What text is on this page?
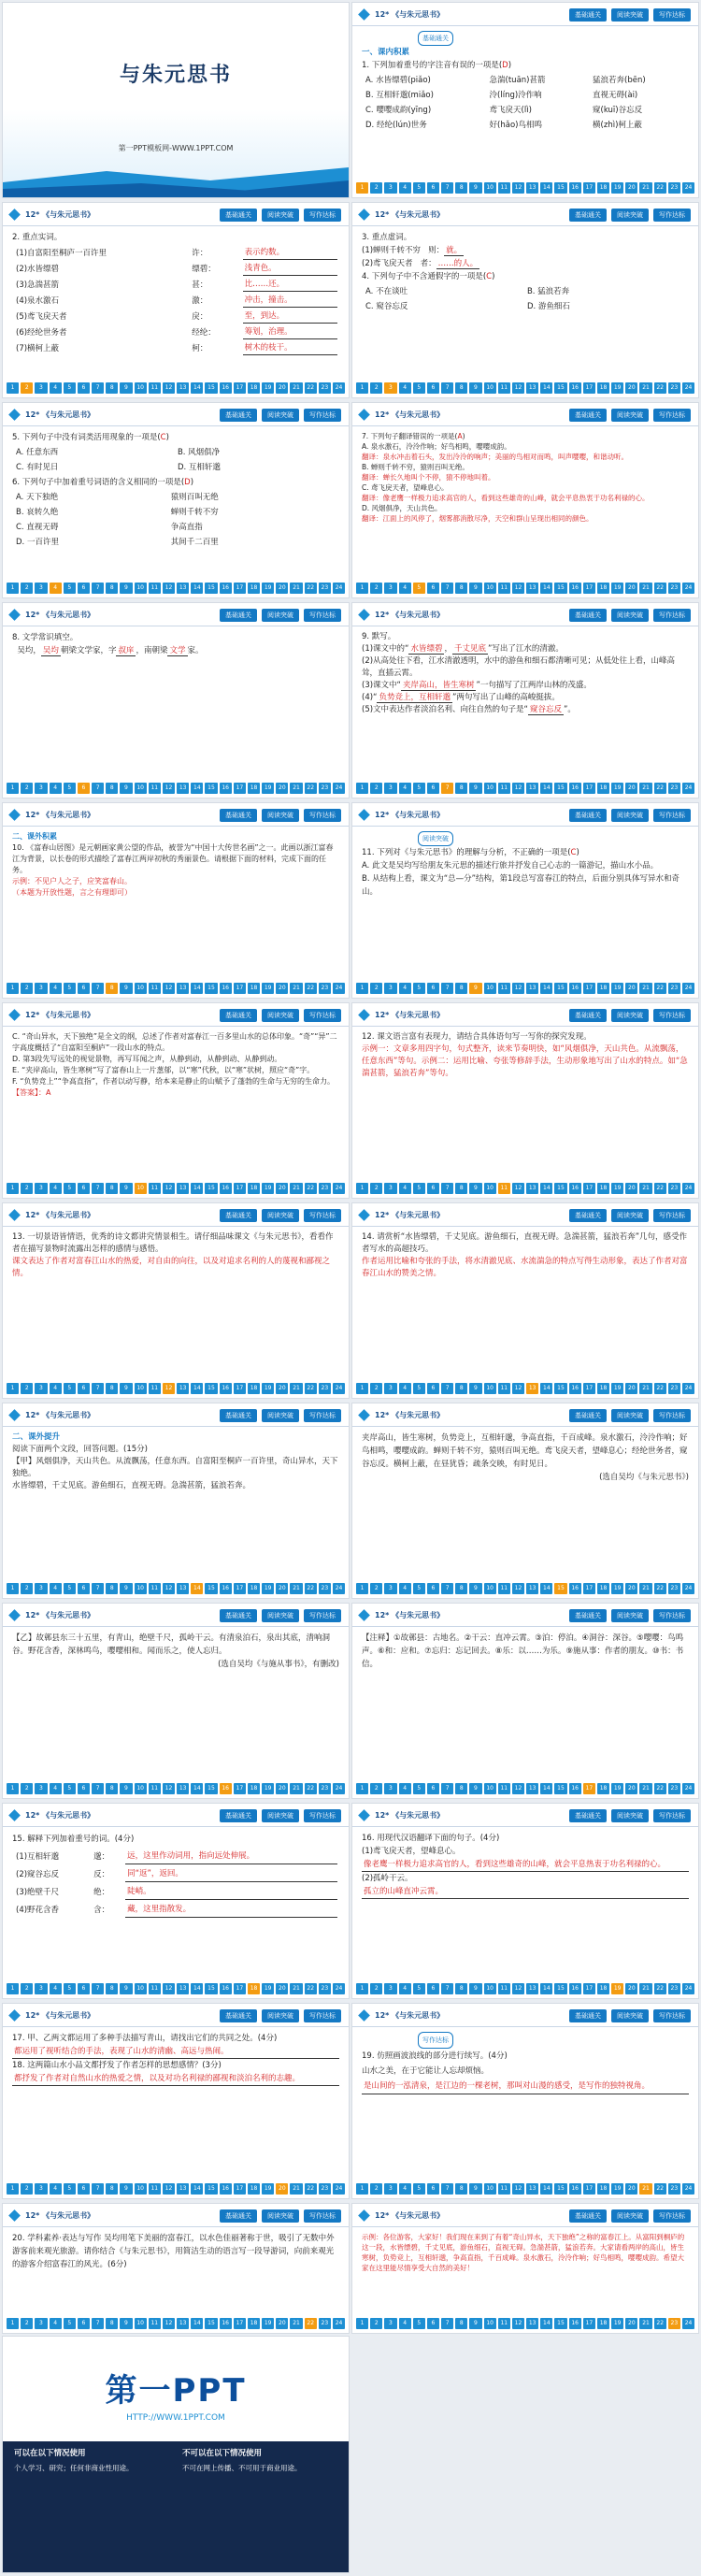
与朱元思书
第一PPT模板网-WWW.1PPT.COM
12* 《与朱元思书》	基础通关	阅读突破	写作达标

基础通关

一、课内积累

1. 下列加着重号的字注音有误的一项是(D)

A. 水皆缥碧(piǎo)	急湍(tuān)甚箭	猛浪若奔(bēn)
B. 互相轩邈(miǎo)	泠(líng)泠作响	直视无碍(ài)
C. 嘤嘤成韵(yīng)	鸢飞戾天(lì)	窥(kuī)谷忘反
D. 经纶(lún)世务	好(hǎo)鸟相鸣	横(zhì)柯上蔽
1	2	3	4	5	6	7	8	9	10	11	12	13	14	15	16	17	18	19	20	21	22	23	24
12* 《与朱元思书》	基础通关	阅读突破	写作达标

2. 重点实词。

(1)自富阳至桐庐一百许里	许：	表示约数。
(2)水皆缥碧	缥碧：	浅青色。
(3)急湍甚箭	甚：	比……还。
(4)泉水激石	激：	冲击，撞击。
(5)鸢飞戾天者	戾：	至，到达。
(6)经纶世务者	经纶：	筹划，治理。
(7)横柯上蔽	柯：	树木的枝干。
1	2	3	4	5	6	7	8	9	10	11	12	13	14	15	16	17	18	19	20	21	22	23	24
12* 《与朱元思书》	基础通关	阅读突破	写作达标

3. 重点虚词。

(1)蝉则千转不穷 则： 就。

(2)鸢飞戾天者 者： ……的人。

4. 下列句子中不含通假字的一项是(C)

A. 不在谈吐	B. 猛浪若奔
C. 窥谷忘反	D. 游鱼细石
1	2	3	4	5	6	7	8	9	10	11	12	13	14	15	16	17	18	19	20	21	22	23	24
12* 《与朱元思书》	基础通关	阅读突破	写作达标

5. 下列句子中没有词类活用现象的一项是(C)

A. 任意东西	B. 风烟俱净
C. 有时见日	D. 互相轩邈

6. 下列句子中加着重号词语的含义相同的一项是(D)

A. 天下独绝	猿则百叫无绝
B. 哀转久绝	蝉则千转不穷
C. 直视无碍	争高直指
D. 一百许里	其间千二百里
1	2	3	4	5	6	7	8	9	10	11	12	13	14	15	16	17	18	19	20	21	22	23	24
12* 《与朱元思书》	基础通关	阅读突破	写作达标

7. 下列句子翻译错误的一项是(A)

A. 泉水激石，泠泠作响；好鸟相鸣，嘤嘤成韵。

翻译：泉水冲击着石头，发出泠泠的响声；美丽的鸟相对而鸣，叫声嘤嘤，和谐动听。

B. 蝉则千转不穷，猿则百叫无绝。

翻译：蝉长久地叫个不停，猿不停地叫着。

C. 鸢飞戾天者，望峰息心。

翻译：像老鹰一样极力追求高官的人，看到这些雄奇的山峰，就会平息热衷于功名利禄的心。

D. 风烟俱净，天山共色。

翻译：江面上的风停了，烟雾都消散尽净，天空和群山呈现出相同的颜色。

1	2	3	4	5	6	7	8	9	10	11	12	13	14	15	16	17	18	19	20	21	22	23	24
12* 《与朱元思书》	基础通关	阅读突破	写作达标

8. 文学常识填空。

吴均， 吴均 朝梁文学家，字 叔庠 ，南朝梁 文学 家。

1	2	3	4	5	6	7	8	9	10	11	12	13	14	15	16	17	18	19	20	21	22	23	24
12* 《与朱元思书》	基础通关	阅读突破	写作达标

9. 默写。

(1)课文中的“ 水皆缥碧 ， 千丈见底 ”写出了江水的清澈。

(2)从高处往下看，江水清澈透明，水中的游鱼和细石都清晰可见；从低处往上看，山峰高耸，直插云霄。

(3)课文中“ 夹岸高山，皆生寒树 ”一句描写了江两岸山林的茂盛。

(4)“ 负势竞上，互相轩邈 ”两句写出了山峰的高峻挺拔。

(5)文中表达作者淡泊名利、向往自然的句子是“ 窥谷忘反 ”。

1	2	3	4	5	6	7	8	9	10	11	12	13	14	15	16	17	18	19	20	21	22	23	24
12* 《与朱元思书》	基础通关	阅读突破	写作达标

二、课外积累

10. 《富春山居图》是元朝画家黄公望的作品，被誉为“中国十大传世名画”之一。此画以浙江富春江为背景，以长卷的形式描绘了富春江两岸初秋的秀丽景色。请根据下面的材料，完成下面的任务。

示例：不见户人之子，应笑富春山。

（本题为开放性题，言之有理即可）

1	2	3	4	5	6	7	8	9	10	11	12	13	14	15	16	17	18	19	20	21	22	23	24
12* 《与朱元思书》	基础通关	阅读突破	写作达标

阅读突破

11. 下列对《与朱元思书》的理解与分析，不正确的一项是(C)

A. 此文是吴均写给朋友朱元思的描述行旅并抒发自己心志的一篇游记，描山水小品。

B. 从结构上看，课文为“总—分”结构，第1段总写富春江的特点，后面分别具体写异水和奇山。

1	2	3	4	5	6	7	8	9	10	11	12	13	14	15	16	17	18	19	20	21	22	23	24
12* 《与朱元思书》	基础通关	阅读突破	写作达标

C. “奇山异水，天下独绝”是全文的纲，总述了作者对富春江一百多里山水的总体印象。“奇”“异”二字高度概括了“自富阳至桐庐”一段山水的特点。

D. 第3段先写远处的视觉景物，再写耳闻之声，从静到动，从静到动、从静到动。

E. “夹岸高山，皆生寒树”写了富春山上一片葱郁，以“寒”代秋，以“寒”状树，照应“奇”字。

F. “负势竞上”“争高直指”，作者以动写静，给本来是静止的山赋予了蓬勃的生命与无穷的生命力。

【答案】：A

1	2	3	4	5	6	7	8	9	10	11	12	13	14	15	16	17	18	19	20	21	22	23	24
12* 《与朱元思书》	基础通关	阅读突破	写作达标

12. 课文语言富有表现力，请结合具体语句写一写你的探究发现。

示例一：文章多用四字句，句式整齐，读来节奏明快，如“风烟俱净，天山共色。从流飘荡，任意东西”等句。示例二：运用比喻、夸张等修辞手法，生动形象地写出了山水的特点。如“急湍甚箭，猛浪若奔”等句。

1	2	3	4	5	6	7	8	9	10	11	12	13	14	15	16	17	18	19	20	21	22	23	24
12* 《与朱元思书》	基础通关	阅读突破	写作达标

13. 一切景语皆情语，优秀的诗文都讲究情景相生。请仔细品味课文《与朱元思书》，看看作者在描写景物时流露出怎样的感情与感悟。

课文表达了作者对富春江山水的热爱，对自由的向往，以及对追求名利的人的蔑视和鄙视之情。

1	2	3	4	5	6	7	8	9	10	11	12	13	14	15	16	17	18	19	20	21	22	23	24
12* 《与朱元思书》	基础通关	阅读突破	写作达标

14. 请赏析“水皆缥碧，千丈见底。游鱼细石，直视无碍。急湍甚箭，猛浪若奔”几句，感受作者写水的高超技巧。

作者运用比喻和夸张的手法，将水清澈见底、水流湍急的特点写得生动形象，表达了作者对富春江山水的赞美之情。

1	2	3	4	5	6	7	8	9	10	11	12	13	14	15	16	17	18	19	20	21	22	23	24
12* 《与朱元思书》	基础通关	阅读突破	写作达标

二、课外提升

阅读下面两个文段，回答问题。(15分)

【甲】风烟俱净，天山共色。从流飘荡，任意东西。自富阳至桐庐一百许里，奇山异水，天下独绝。

水皆缥碧，千丈见底。游鱼细石，直视无碍。急湍甚箭，猛浪若奔。

1	2	3	4	5	6	7	8	9	10	11	12	13	14	15	16	17	18	19	20	21	22	23	24
12* 《与朱元思书》	基础通关	阅读突破	写作达标

夹岸高山，皆生寒树，负势竞上，互相轩邈，争高直指，千百成峰。泉水激石，泠泠作响；好鸟相鸣，嘤嘤成韵。蝉则千转不穷，猿则百叫无绝。鸢飞戾天者，望峰息心；经纶世务者，窥谷忘反。横柯上蔽，在昼犹昏；疏条交映，有时见日。

(选自吴均《与朱元思书》)

1	2	3	4	5	6	7	8	9	10	11	12	13	14	15	16	17	18	19	20	21	22	23	24
12* 《与朱元思书》	基础通关	阅读突破	写作达标

【乙】故鄣县东三十五里，有青山，绝壁千尺，孤岭干云。有清泉泊石，泉出其底，清响洞谷。野花含香，深林鸣鸟，嘤嘤相和。闻而乐之，使人忘归。

(选自吴均《与施从事书》，有删改)

1	2	3	4	5	6	7	8	9	10	11	12	13	14	15	16	17	18	19	20	21	22	23	24
12* 《与朱元思书》	基础通关	阅读突破	写作达标

【注释】①故鄣县：古地名。②干云：直冲云霄。③泊：停泊。④洞谷：深谷。⑤嘤嘤：鸟鸣声。⑥和：应和。⑦忘归：忘记回去。⑧乐：以……为乐。⑨施从事：作者的朋友。⑩书：书信。

1	2	3	4	5	6	7	8	9	10	11	12	13	14	15	16	17	18	19	20	21	22	23	24
12* 《与朱元思书》	基础通关	阅读突破	写作达标

15. 解释下列加着重号的词。(4分)

(1)互相轩邈	邈：	远，这里作动词用，指向远处伸展。
(2)窥谷忘反	反：	同“返”，返回。
(3)绝壁千尺	绝：	陡峭。
(4)野花含香	含：	藏，这里指散发。
1	2	3	4	5	6	7	8	9	10	11	12	13	14	15	16	17	18	19	20	21	22	23	24
12* 《与朱元思书》	基础通关	阅读突破	写作达标

16. 用现代汉语翻译下面的句子。(4分)

(1)鸢飞戾天者，望峰息心。

像老鹰一样极力追求高官的人，看到这些雄奇的山峰，就会平息热衷于功名利禄的心。

(2)孤岭干云。

孤立的山峰直冲云霄。

1	2	3	4	5	6	7	8	9	10	11	12	13	14	15	16	17	18	19	20	21	22	23	24
12* 《与朱元思书》	基础通关	阅读突破	写作达标

17. 甲、乙两文都运用了多种手法描写青山，请找出它们的共同之处。(4分)

都运用了视听结合的手法，表现了山水的清幽、高远与热闹。

18. 这两篇山水小品文都抒发了作者怎样的思想感情？(3分)

都抒发了作者对自然山水的热爱之情，以及对功名利禄的鄙视和淡泊名利的志趣。

1	2	3	4	5	6	7	8	9	10	11	12	13	14	15	16	17	18	19	20	21	22	23	24
12* 《与朱元思书》	基础通关	阅读突破	写作达标

写作达标

19. 仿照画波浪线的部分进行续写。(4分)

山水之美，在于它能让人忘却烦恼。

是山间的一泓清泉，是江边的一棵老树，那叫对山漫的感受，是写作的独特视角。

1	2	3	4	5	6	7	8	9	10	11	12	13	14	15	16	17	18	19	20	21	22	23	24
12* 《与朱元思书》	基础通关	阅读突破	写作达标

20. 学科素养·表达与写作 吴均用笔下美丽的富春江，以水色佳丽著称于世，吸引了无数中外游客前来观光旅游。请你结合《与朱元思书》，用简洁生动的语言写一段导游词，向前来观光的游客介绍富春江的风光。(6分)

1	2	3	4	5	6	7	8	9	10	11	12	13	14	15	16	17	18	19	20	21	22	23	24
12* 《与朱元思书》	基础通关	阅读突破	写作达标

示例：各位游客，大家好！我们现在来到了有着“奇山异水，天下独绝”之称的富春江上。从富阳到桐庐的这一段，水皆缥碧，千丈见底，游鱼细石，直视无碍。急湍甚箭，猛浪若奔。大家请看两岸的高山，皆生寒树，负势竞上，互相轩邈，争高直指，千百成峰。泉水激石，泠泠作响；好鸟相鸣，嘤嘤成韵。希望大家在这里能尽情享受大自然的美好！

1	2	3	4	5	6	7	8	9	10	11	12	13	14	15	16	17	18	19	20	21	22	23	24
第一PPT
HTTP://WWW.1PPT.COM
可以在以下情况使用

个人学习、研究；任何非商业性用途。

不可以在以下情况使用

不可在网上传播、不可用于商业用途。
